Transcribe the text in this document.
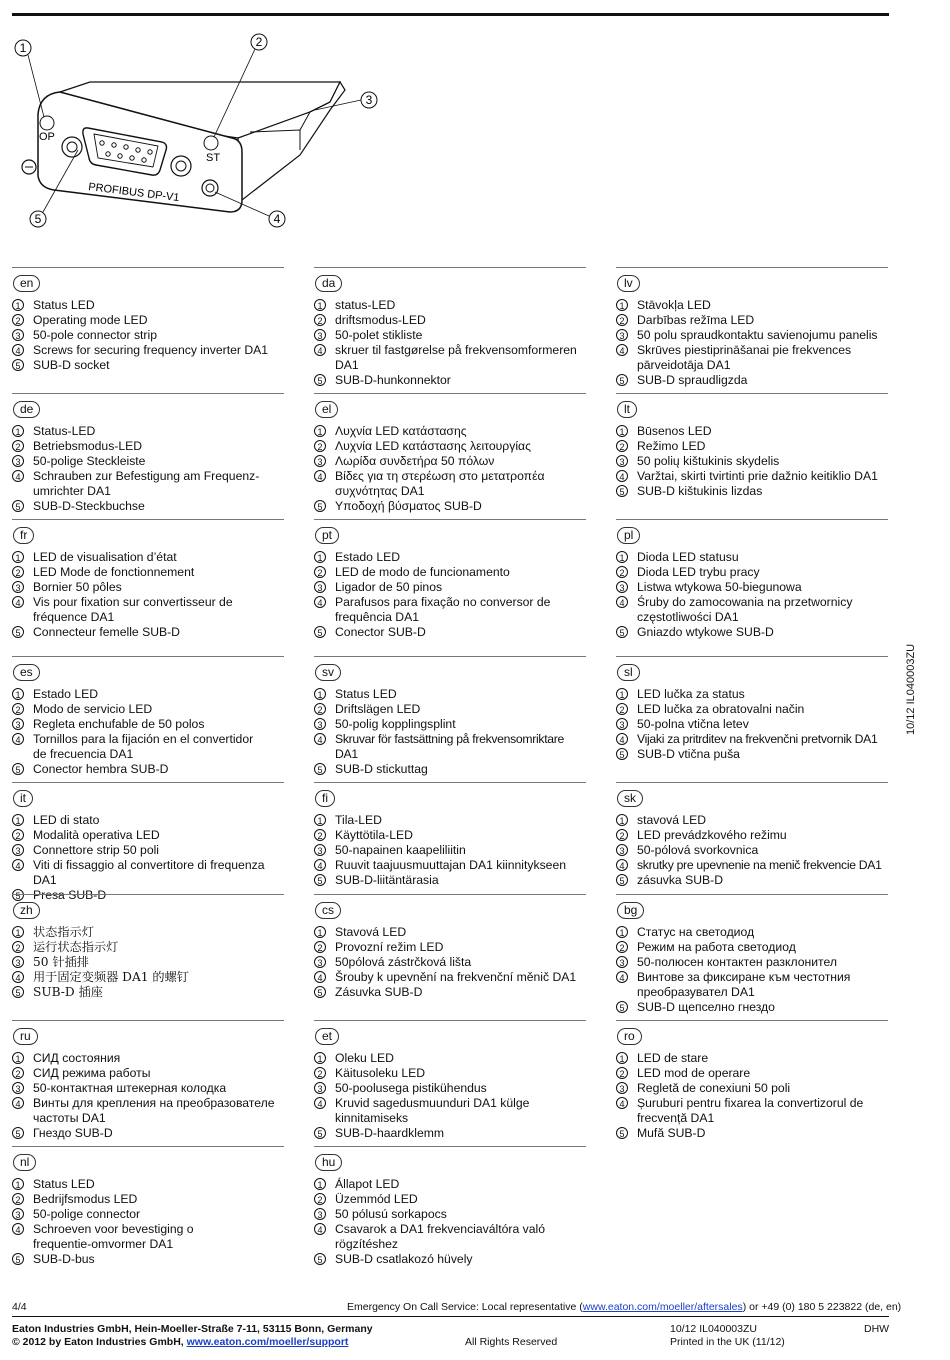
OP
ST
PROFIBUS DP-V1
1	2
3
4
5
en
1 Status LED
2 Operating mode LED
3 50-pole connector strip
4 Screws for securing frequency inverter DA1
5 SUB-D socket
de
1 Status-LED
2 Betriebsmodus-LED
3 50-polige Steckleiste
4 Schrauben zur Befestigung am Frequenz-
umrichter DA1
5 SUB-D-Steckbuchse
fr
1 LED de visualisation d’état
2 LED Mode de fonctionnement
3 Bornier 50 pôles
4 Vis pour fixation sur convertisseur de
fréquence DA1
5 Connecteur femelle SUB-D
es
1 Estado LED
2 Modo de servicio LED
3 Regleta enchufable de 50 polos
4 Tornillos para la fijación en el convertidor
de frecuencia DA1
5 Conector hembra SUB-D
it
1 LED di stato
2 Modalità operativa LED
3 Connettore strip 50 poli
4 Viti di fissaggio al convertitore di frequenza DA1
5 Presa SUB-D
zh
1 状态指示灯
2 运行状态指示灯
3 50 针插排
4 用于固定变频器 DA1 的螺钉
5 SUB-D 插座
ru
1 СИД состояния
2 СИД режима работы
3 50-контактная штекерная колодка
4 Винты для крепления на преобразователе
частоты DA1
5 Гнездо SUB-D
nl
1 Status LED
2 Bedrijfsmodus LED
3 50-polige connector
4 Schroeven voor bevestiging o
frequentie-omvormer DA1
5 SUB-D-bus
da
1 status-LED
2 driftsmodus-LED
3 50-polet stikliste
4 skruer til fastgørelse på frekvensomformeren
DA1
5 SUB-D-hunkonnektor
el
1 Λυχνία LED κατάστασης
2 Λυχνία LED κατάστασης λειτουργίας
3 Λωρίδα συνδετήρα 50 πόλων
4 Βίδες για τη στερέωση στο μετατροπέα
συχνότητας DA1
5 Υποδοχή βύσματος SUB-D
pt
1 Estado LED
2 LED de modo de funcionamento
3 Ligador de 50 pinos
4 Parafusos para fixação no conversor de
frequência DA1
5 Conector SUB-D
sv
1 Status LED
2 Driftslägen LED
3 50-polig kopplingsplint
4 Skruvar för fastsättning på frekvensomriktare DA1
5 SUB-D stickuttag
fi
1 Tila-LED
2 Käyttötila-LED
3 50-napainen kaapeliliitin
4 Ruuvit taajuusmuuttajan DA1 kiinnitykseen
5 SUB-D-liitäntärasia
cs
1 Stavová LED
2 Provozní režim LED
3 50pólová zástrčková lišta
4 Šrouby k upevnění na frekvenční měnič DA1
5 Zásuvka SUB-D
et
1 Oleku LED
2 Käitusoleku LED
3 50-poolusega pistikühendus
4 Kruvid sagedusmuunduri DA1 külge
kinnitamiseks
5 SUB-D-haardklemm
hu
1 Állapot LED
2 Üzemmód LED
3 50 pólusú sorkapocs
4 Csavarok a DA1 frekvenciaváltóra való
rögzítéshez
5 SUB-D csatlakozó hüvely
lv
1 Stāvokļa LED
2 Darbības režīma LED
3 50 polu spraudkontaktu savienojumu panelis
4 Skrūves piestiprināšanai pie frekvences
pārveidotāja DA1
5 SUB-D spraudligzda
lt
1 Būsenos LED
2 Režimo LED
3 50 polių kištukinis skydelis
4 Varžtai, skirti tvirtinti prie dažnio keitiklio DA1
5 SUB-D kištukinis lizdas
pl
1 Dioda LED statusu
2 Dioda LED trybu pracy
3 Listwa wtykowa 50-biegunowa
4 Śruby do zamocowania na przetwornicy
częstotliwości DA1
5 Gniazdo wtykowe SUB-D
sl
1 LED lučka za status
2 LED lučka za obratovalni način
3 50-polna vtična letev
4 Vijaki za pritrditev na frekvenčni pretvornik DA1
5 SUB-D vtična puša
sk
1 stavová LED
2 LED prevádzkového režimu
3 50-pólová svorkovnica
4 skrutky pre upevnenie na menič frekvencie DA1
5 zásuvka SUB-D
bg
1 Статус на светодиод
2 Режим на работа светодиод
3 50-полюсен контактен разклонител
4 Винтове за фиксиране към честотния
преобразувател DA1
5 SUB-D щепселно гнездо
ro
1 LED de stare
2 LED mod de operare
3 Regletă de conexiuni 50 poli
4 Șuruburi pentru fixarea la convertizorul de
frecvență DA1
5 Mufă SUB-D
10/12 IL040003ZU
4/4	Emergency On Call Service: Local representative (www.eaton.com/moeller/aftersales) or +49 (0) 180 5 223822 (de, en)
Eaton Industries GmbH, Hein-Moeller-Straße 7-11, 53115 Bonn, Germany
© 2012 by Eaton Industries GmbH, www.eaton.com/moeller/support	All Rights Reserved
10/12 IL040003ZU
Printed in the UK (11/12)
DHW
